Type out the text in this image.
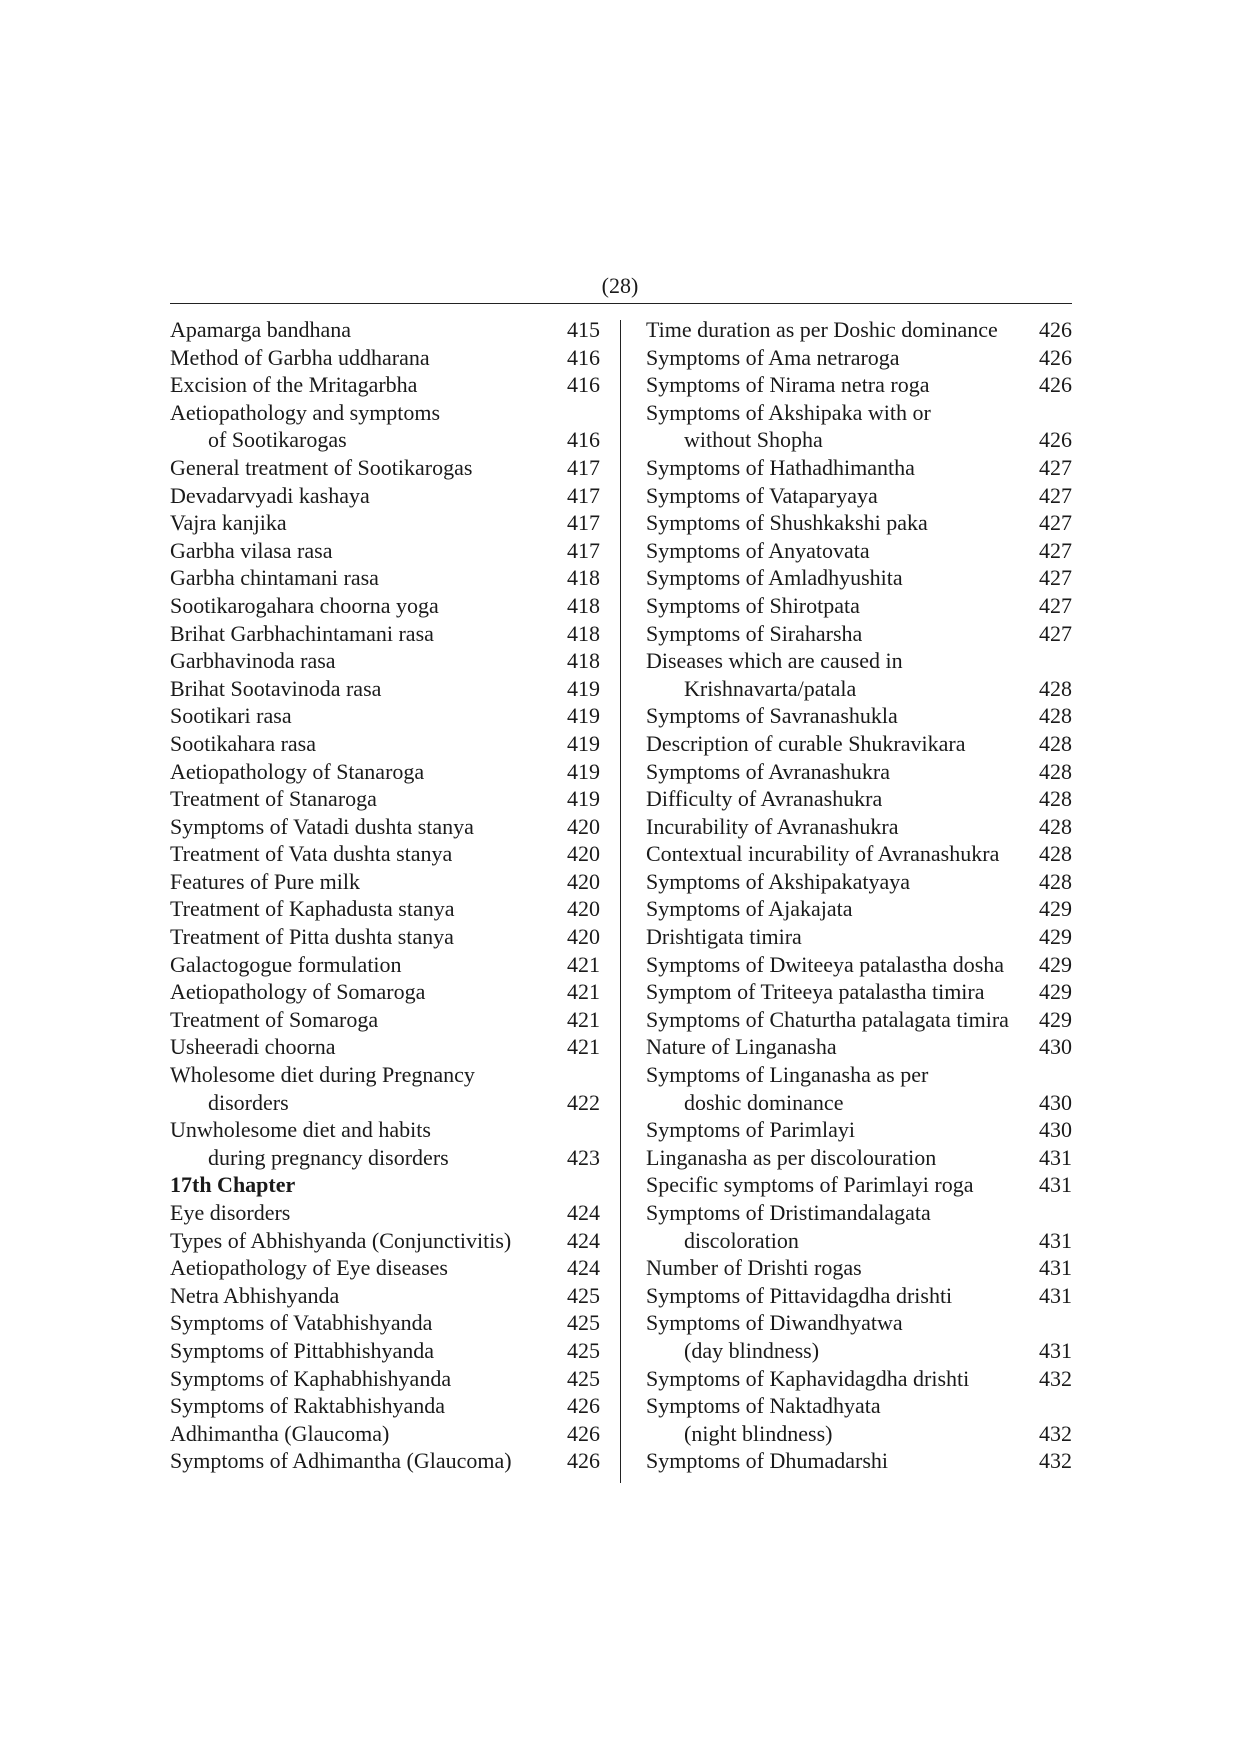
(28)
Apamarga bandhana	415
Method of Garbha uddharana	416
Excision of the Mritagarbha	416
Aetiopathology and symptoms
of Sootikarogas	416
General treatment of Sootikarogas	417
Devadarvyadi kashaya	417
Vajra kanjika	417
Garbha vilasa rasa	417
Garbha chintamani rasa	418
Sootikarogahara choorna yoga	418
Brihat Garbhachintamani rasa	418
Garbhavinoda rasa	418
Brihat Sootavinoda rasa	419
Sootikari rasa	419
Sootikahara rasa	419
Aetiopathology of Stanaroga	419
Treatment of Stanaroga	419
Symptoms of Vatadi dushta stanya	420
Treatment of Vata dushta stanya	420
Features of Pure milk	420
Treatment of Kaphadusta stanya	420
Treatment of Pitta dushta stanya	420
Galactogogue formulation	421
Aetiopathology of Somaroga	421
Treatment of Somaroga	421
Usheeradi choorna	421
Wholesome diet during Pregnancy
disorders	422
Unwholesome diet and habits
during pregnancy disorders	423
17th Chapter
Eye disorders	424
Types of Abhishyanda (Conjunctivitis)	424
Aetiopathology of Eye diseases	424
Netra Abhishyanda	425
Symptoms of Vatabhishyanda	425
Symptoms of Pittabhishyanda	425
Symptoms of Kaphabhishyanda	425
Symptoms of Raktabhishyanda	426
Adhimantha (Glaucoma)	426
Symptoms of Adhimantha (Glaucoma)	426
Time duration as per Doshic dominance 426
Symptoms of Ama netraroga	426
Symptoms of Nirama netra roga	426
Symptoms of Akshipaka with or
without Shopha	426
Symptoms of Hathadhimantha	427
Symptoms of Vataparyaya	427
Symptoms of Shushkakshi paka	427
Symptoms of Anyatovata	427
Symptoms of Amladhyushita	427
Symptoms of Shirotpata	427
Symptoms of Siraharsha	427
Diseases which are caused in
Krishnavarta/patala	428
Symptoms of Savranashukla	428
Description of curable Shukravikara	428
Symptoms of Avranashukra	428
Difficulty of Avranashukra	428
Incurability of Avranashukra	428
Contextual incurability of Avranashukra 428
Symptoms of Akshipakatyaya	428
Symptoms of Ajakajata	429
Drishtigata timira	429
Symptoms of Dwiteeya patalastha dosha 429
Symptom of Triteeya patalastha timira 429
Symptoms of Chaturtha patalagata timira 429
Nature of Linganasha	430
Symptoms of Linganasha as per
doshic dominance	430
Symptoms of Parimlayi	430
Linganasha as per discolouration	431
Specific symptoms of Parimlayi roga	431
Symptoms of Dristimandalagata
discoloration	431
Number of Drishti rogas	431
Symptoms of Pittavidagdha drishti	431
Symptoms of Diwandhyatwa
(day blindness)	431
Symptoms of Kaphavidagdha drishti	432
Symptoms of Naktadhyata
(night blindness)	432
Symptoms of Dhumadarshi	432
